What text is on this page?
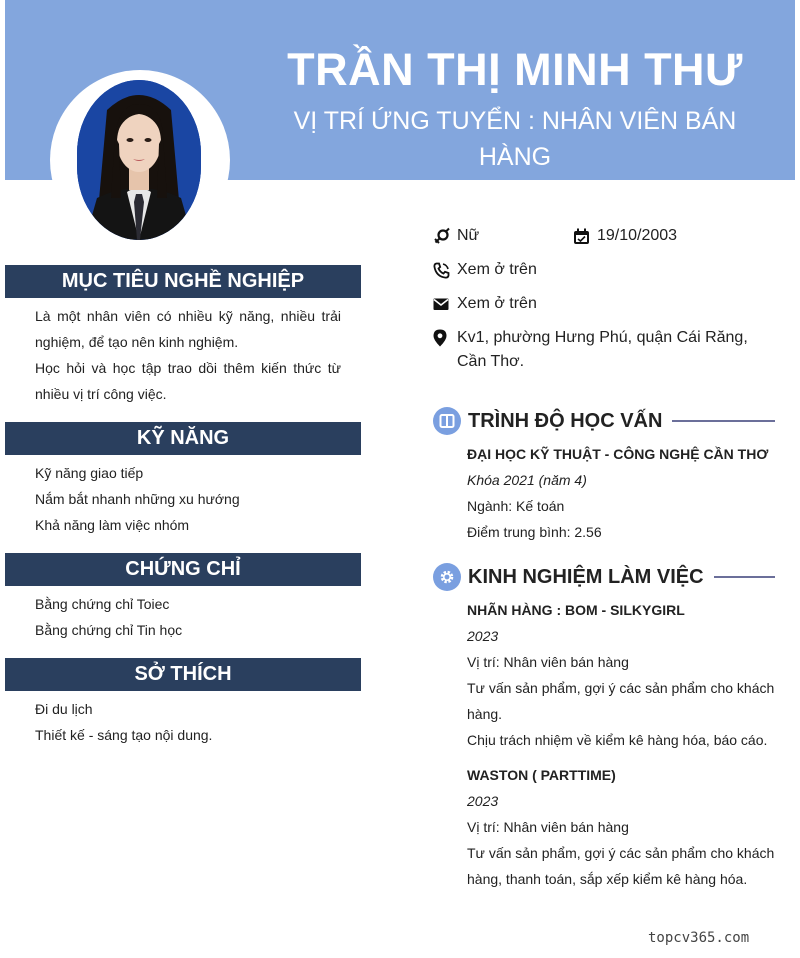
TRẦN THỊ MINH THƯ
VỊ TRÍ ỨNG TUYỂN : NHÂN VIÊN BÁN HÀNG
MỤC TIÊU NGHỀ NGHIỆP

Là một nhân viên có nhiều kỹ năng, nhiều trải nghiệm, để tạo nên kinh nghiệm.

Học hỏi và học tập trao dồi thêm kiến thức từ nhiều vị trí công việc.

KỸ NĂNG

Kỹ năng giao tiếp

Nắm bắt nhanh những xu hướng

Khả năng làm việc nhóm

CHỨNG CHỈ

Bằng chứng chỉ Toiec

Bằng chứng chỉ Tin học

SỞ THÍCH

Đi du lịch

Thiết kế - sáng tạo nội dung.

Nữ	19/10/2003
Xem ở trên
Xem ở trên
Kv1, phường Hưng Phú, quận Cái Răng, Cần Thơ.
TRÌNH ĐỘ HỌC VẤN

ĐẠI HỌC KỸ THUẬT - CÔNG NGHỆ CẦN THƠ

Khóa 2021 (năm 4)

Ngành: Kế toán

Điểm trung bình: 2.56

KINH NGHIỆM LÀM VIỆC

NHÃN HÀNG : BOM - SILKYGIRL

2023

Vị trí: Nhân viên bán hàng

Tư vấn sản phẩm, gợi ý các sản phẩm cho khách hàng.

Chịu trách nhiệm về kiểm kê hàng hóa, báo cáo.

WASTON ( PARTTIME)

2023

Vị trí: Nhân viên bán hàng

Tư vấn sản phẩm, gợi ý các sản phẩm cho khách hàng, thanh toán, sắp xếp kiểm kê hàng hóa.

topcv365.com
